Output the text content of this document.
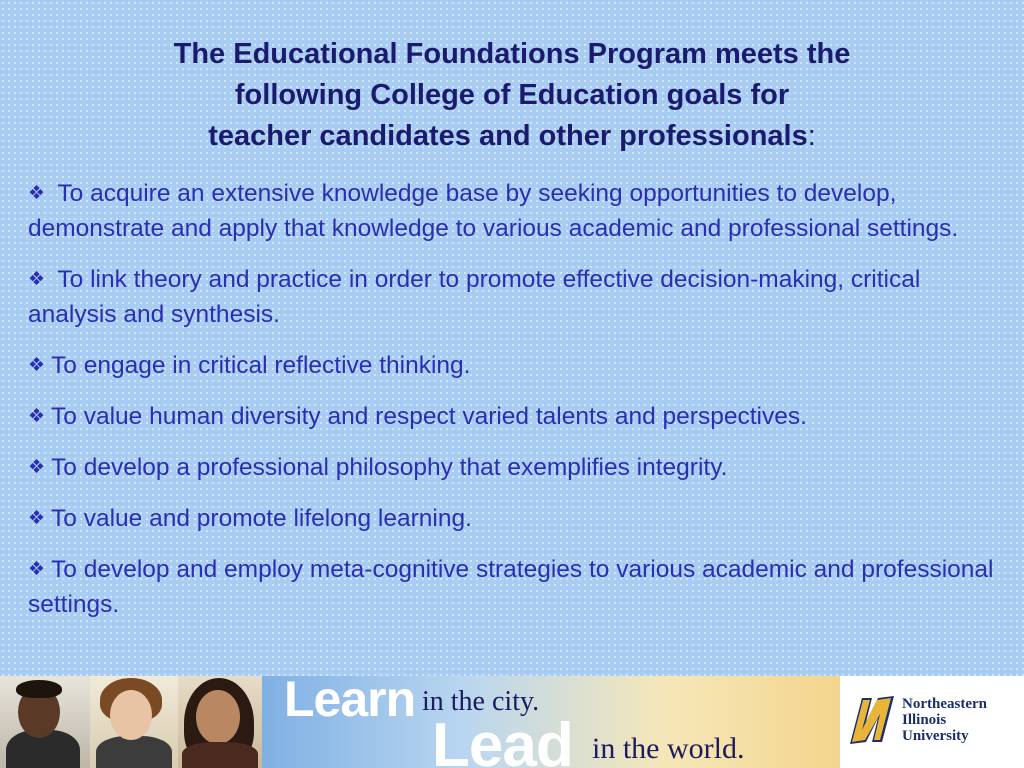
The Educational Foundations Program meets the
following College of Education goals for
teacher candidates and other professionals:
❖ To acquire an extensive knowledge base by seeking opportunities to develop, demonstrate and apply that knowledge to various academic and professional settings.
❖ To link theory and practice in order to promote effective decision-making, critical analysis and synthesis.
❖ To engage in critical reflective thinking.
❖ To value human diversity and respect varied talents and perspectives.
❖ To develop a professional philosophy that exemplifies integrity.
❖ To value and promote lifelong learning.
❖ To develop and employ meta-cognitive strategies to various academic and professional settings.
Learn in the city.
Lead in the world.
Northeastern
Illinois
University
